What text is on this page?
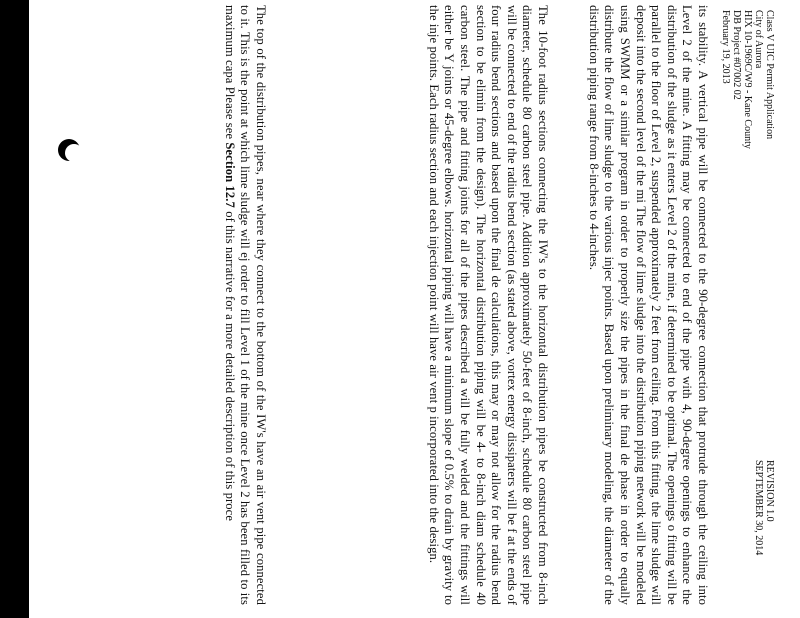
REVISION 1.0
SEPTEMBER 30, 2014
Class V UIC Permit Application
City of Aurora
HIX 10-1969C/W9 - Kane County
DB Project #07002 02
February 19, 2013
its stability. A vertical pipe will be connected to the 90-degree connection that protrude through the ceiling into Level 2 of the mine. A fitting may be connected to end of the pipe with 4, 90-degree openings to enhance the distribution of the sludge as it enters Level 2 of the mine, if determined to be optimal. The openings o fitting will be parallel to the floor of Level 2, suspended approximately 2 feet from ceiling. From this fitting, the lime sludge will deposit into the second level of the mi The flow of lime sludge into the distribution piping network will be modeled using SWMM or a similar program in order to properly size the pipes in the final de phase in order to equally distribute the flow of lime sludge to the various injec points. Based upon preliminary modeling, the diameter of the distribution piping range from 8-inches to 4-inches.
The 10-foot radius sections connecting the IW's to the horizontal distribution pipes be constructed from 8-inch diameter, schedule 80 carbon steel pipe. Addition approximately 50-feet of 8-inch, schedule 80 carbon steel pipe will be connected to end of the radius bend section (as stated above, vortex energy dissipaters will be f at the ends of four radius bend sections and based upon the final de calculations, this may or may not allow for the radius bend section to be elimin from the design). The horizontal distribution piping will be 4- to 8-inch diam schedule 40 carbon steel. The pipe and fitting joints for all of the pipes described a will be fully welded and the fittings will either be Y joints or 45-degree elbows. horizontal piping will have a minimum slope of 0.5% to drain by gravity to the inje points. Each radius section and each injection point will have air vent p incorporated into the design.
The top of the distribution pipes, near where they connect to the bottom of the IW's have an air vent pipe connected to it. This is the point at which lime sludge will ej order to fill Level 1 of the mine once Level 2 has been filled to its maximum capa Please see Section 12.7 of this narrative for a more detailed description of this proce
